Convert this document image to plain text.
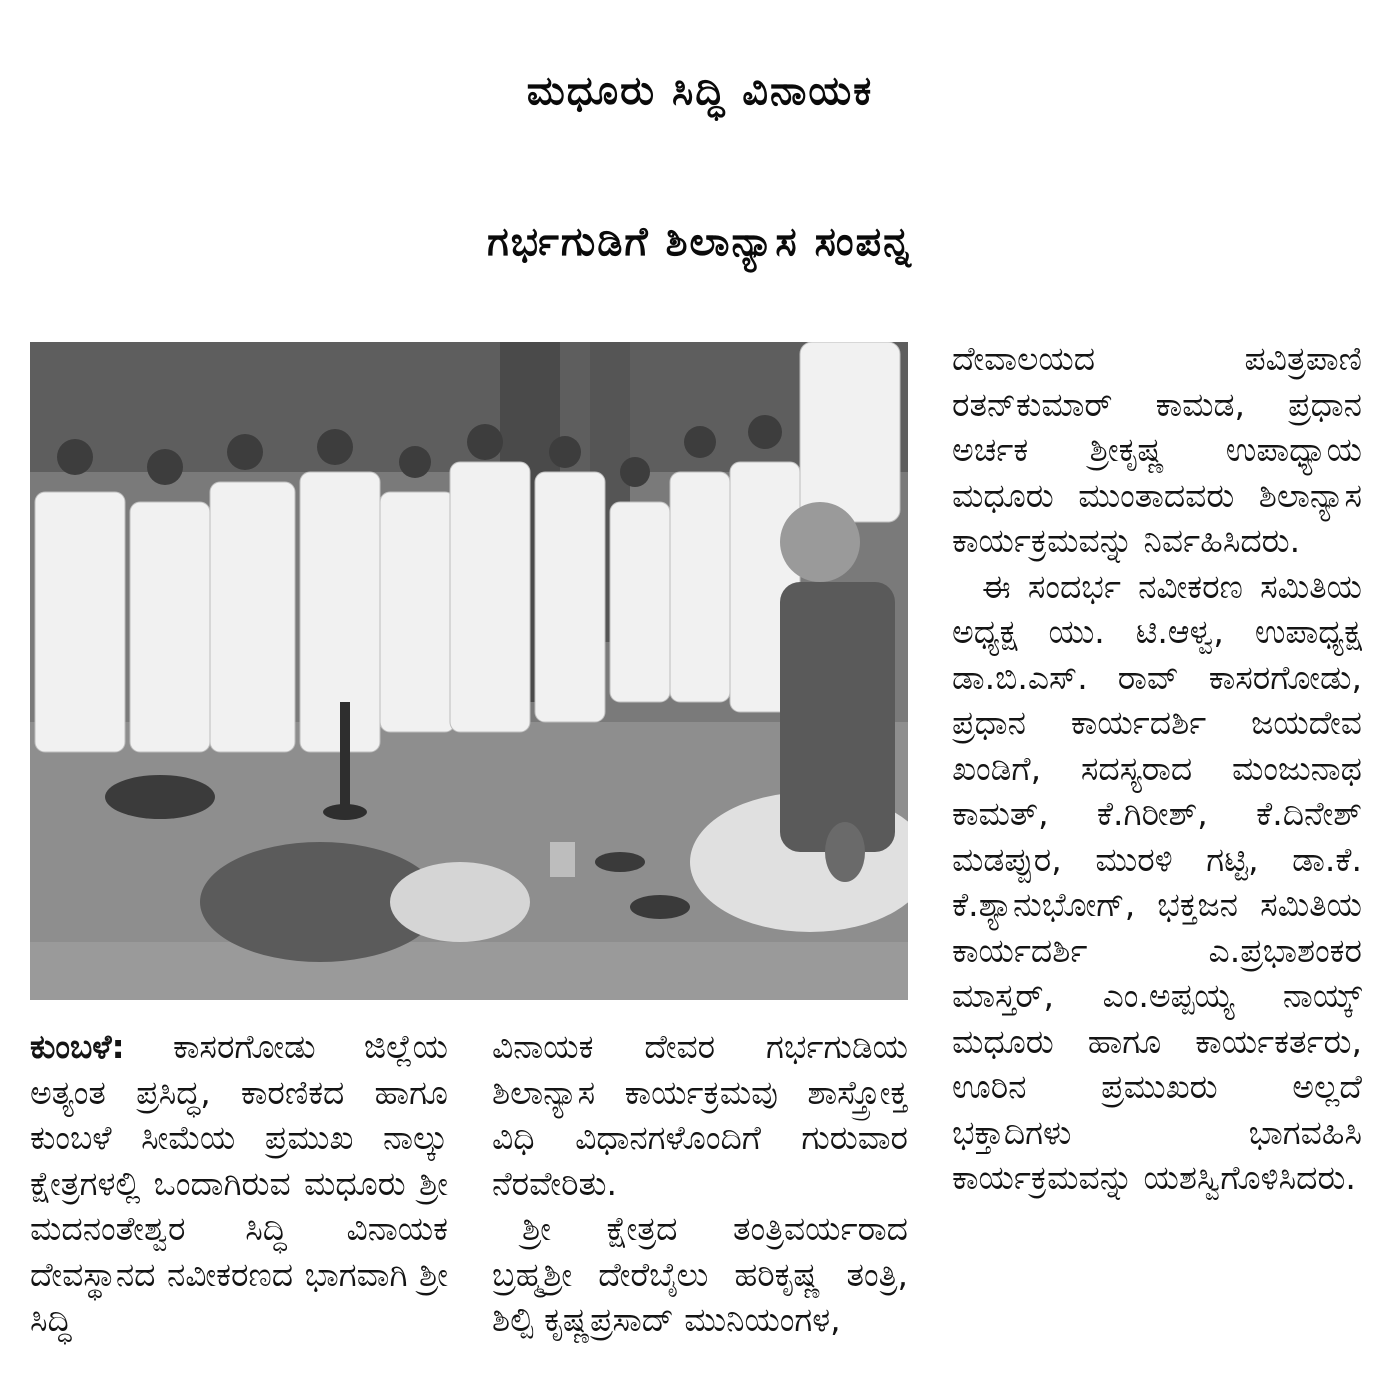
ಮಧೂರು ಸಿದ್ಧಿ ವಿನಾಯಕ
ಗರ್ಭಗುಡಿಗೆ ಶಿಲಾನ್ಯಾಸ ಸಂಪನ್ನ

ಕುಂಬಳೆ: ಕಾಸರಗೋಡು ಜಿಲ್ಲೆಯ ಅತ್ಯಂತ ಪ್ರಸಿದ್ಧ, ಕಾರಣಿಕದ ಹಾಗೂ ಕುಂಬಳೆ ಸೀಮೆಯ ಪ್ರಮುಖ ನಾಲ್ಕು ಕ್ಷೇತ್ರಗಳಲ್ಲಿ ಒಂದಾಗಿರುವ ಮಧೂರು ಶ್ರೀ ಮದನಂತೇಶ್ವರ ಸಿದ್ಧಿ ವಿನಾಯಕ ದೇವಸ್ಥಾನದ ನವೀಕರಣದ ಭಾಗವಾಗಿ ಶ್ರೀ ಸಿದ್ಧಿ

ವಿನಾಯಕ ದೇವರ ಗರ್ಭಗುಡಿಯ ಶಿಲಾನ್ಯಾಸ ಕಾರ್ಯಕ್ರಮವು ಶಾಸ್ತ್ರೋಕ್ತ ವಿಧಿ ವಿಧಾನಗಳೊಂದಿಗೆ ಗುರುವಾರ ನೆರವೇರಿತು.

ಶ್ರೀ ಕ್ಷೇತ್ರದ ತಂತ್ರಿವರ್ಯರಾದ ಬ್ರಹ್ಮಶ್ರೀ ದೇರೆಬೈಲು ಹರಿಕೃಷ್ಣ ತಂತ್ರಿ, ಶಿಲ್ಪಿ ಕೃಷ್ಣಪ್ರಸಾದ್ ಮುನಿಯಂಗಳ,

ದೇವಾಲಯದ ಪವಿತ್ರಪಾಣಿ ರತನ್‌ಕುಮಾರ್ ಕಾಮಡ, ಪ್ರಧಾನ ಅರ್ಚಕ ಶ್ರೀಕೃಷ್ಣ ಉಪಾಧ್ಯಾಯ ಮಧೂರು ಮುಂತಾದವರು ಶಿಲಾನ್ಯಾಸ ಕಾರ್ಯಕ್ರಮವನ್ನು ನಿರ್ವಹಿಸಿದರು.

ಈ ಸಂದರ್ಭ ನವೀಕರಣ ಸಮಿತಿಯ ಅಧ್ಯಕ್ಷ ಯು. ಟಿ.ಆಳ್ವ, ಉಪಾಧ್ಯಕ್ಷ ಡಾ.ಬಿ.ಎಸ್. ರಾವ್ ಕಾಸರಗೋಡು, ಪ್ರಧಾನ ಕಾರ್ಯದರ್ಶಿ ಜಯದೇವ ಖಂಡಿಗೆ, ಸದಸ್ಯರಾದ ಮಂಜುನಾಥ ಕಾಮತ್, ಕೆ.ಗಿರೀಶ್, ಕೆ.ದಿನೇಶ್ ಮಡಪ್ಪುರ, ಮುರಳಿ ಗಟ್ಟಿ, ಡಾ.ಕೆ. ಕೆ.ಶ್ಯಾನುಭೋಗ್, ಭಕ್ತಜನ ಸಮಿತಿಯ ಕಾರ್ಯದರ್ಶಿ ಎ.ಪ್ರಭಾಶಂಕರ ಮಾಸ್ತರ್, ಎಂ.ಅಪ್ಪಯ್ಯ ನಾಯ್ಕ್ ಮಧೂರು ಹಾಗೂ ಕಾರ್ಯಕರ್ತರು, ಊರಿನ ಪ್ರಮುಖರು ಅಲ್ಲದೆ ಭಕ್ತಾದಿಗಳು ಭಾಗವಹಿಸಿ ಕಾರ್ಯಕ್ರಮವನ್ನು ಯಶಸ್ವಿಗೊಳಿಸಿದರು.
